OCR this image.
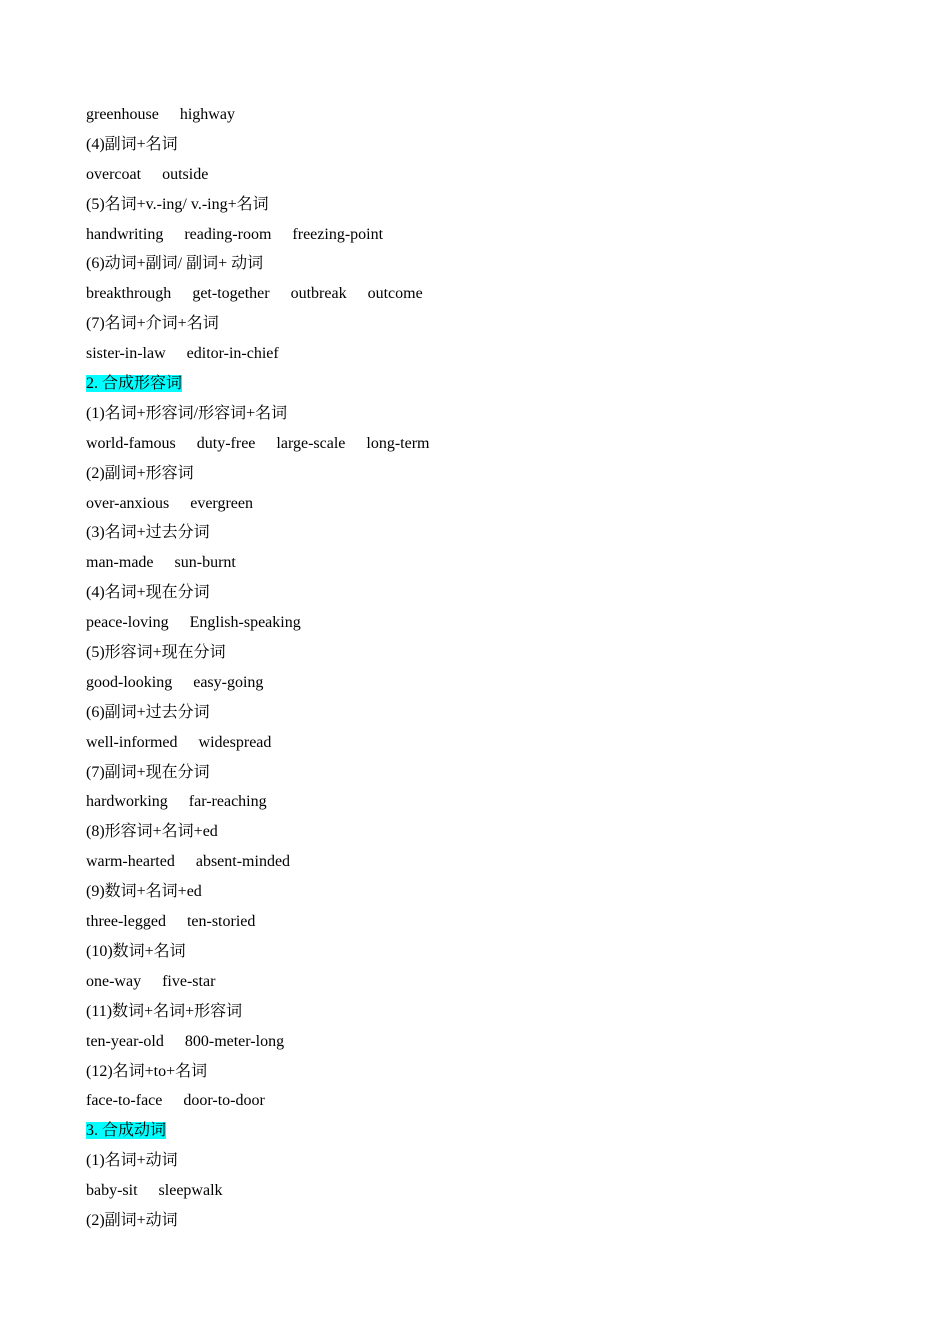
greenhouse highway
(4)副词+名词
overcoat outside
(5)名词+v.-ing/ v.-ing+名词
handwriting reading-room freezing-point
(6)动词+副词/ 副词+ 动词
breakthrough get-together outbreak outcome
(7)名词+介词+名词
sister-in-law editor-in-chief
2. 合成形容词
(1)名词+形容词/形容词+名词
world-famous duty-free large-scale long-term
(2)副词+形容词
over-anxious evergreen
(3)名词+过去分词
man-made sun-burnt
(4)名词+现在分词
peace-loving English-speaking
(5)形容词+现在分词
good-looking easy-going
(6)副词+过去分词
well-informed widespread
(7)副词+现在分词
hardworking far-reaching
(8)形容词+名词+ed
warm-hearted absent-minded
(9)数词+名词+ed
three-legged ten-storied
(10)数词+名词
one-way five-star
(11)数词+名词+形容词
ten-year-old 800-meter-long
(12)名词+to+名词
face-to-face door-to-door
3. 合成动词
(1)名词+动词
baby-sit sleepwalk
(2)副词+动词
